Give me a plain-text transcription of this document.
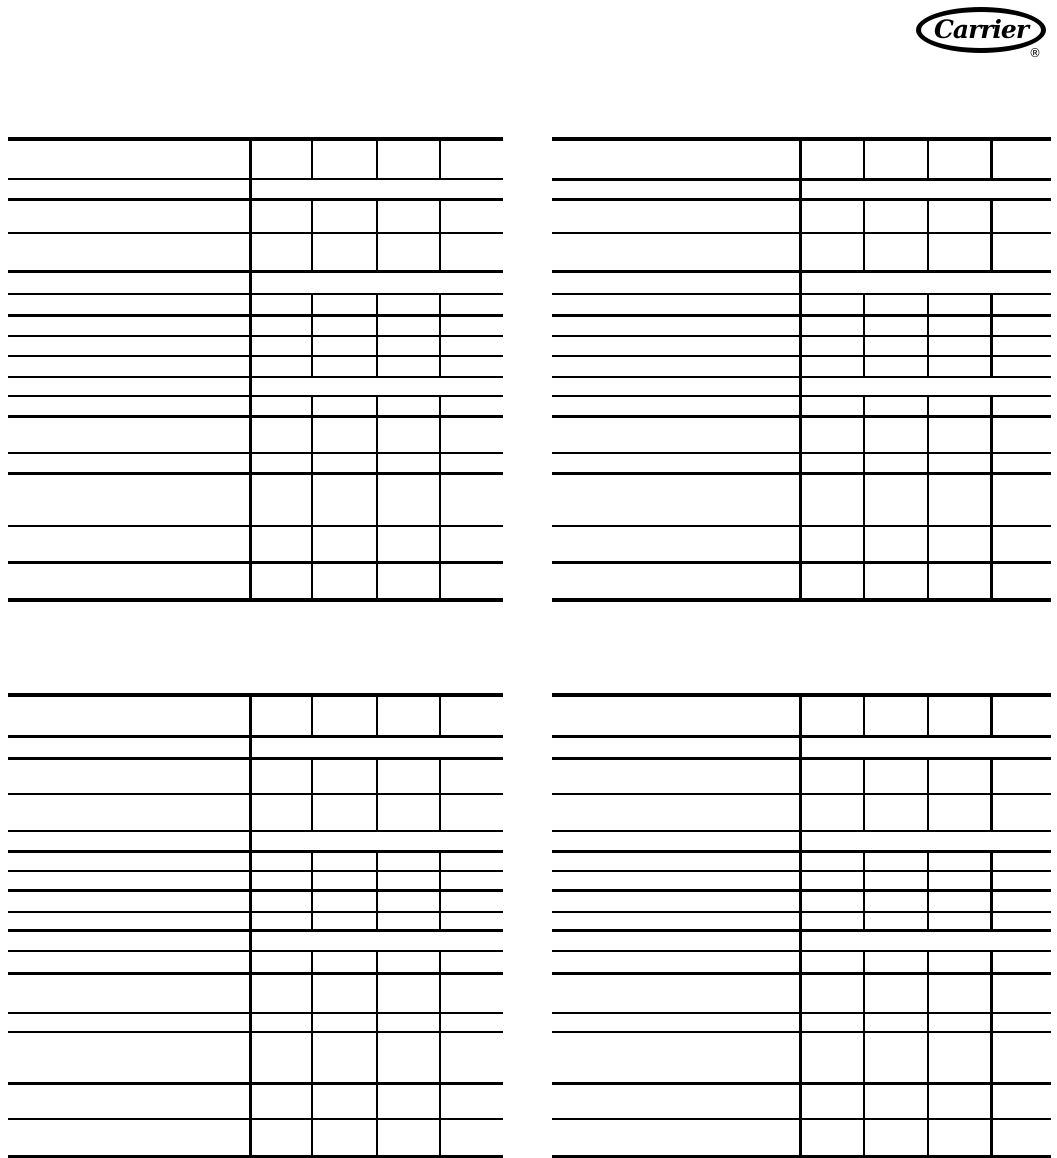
Carrier
®
